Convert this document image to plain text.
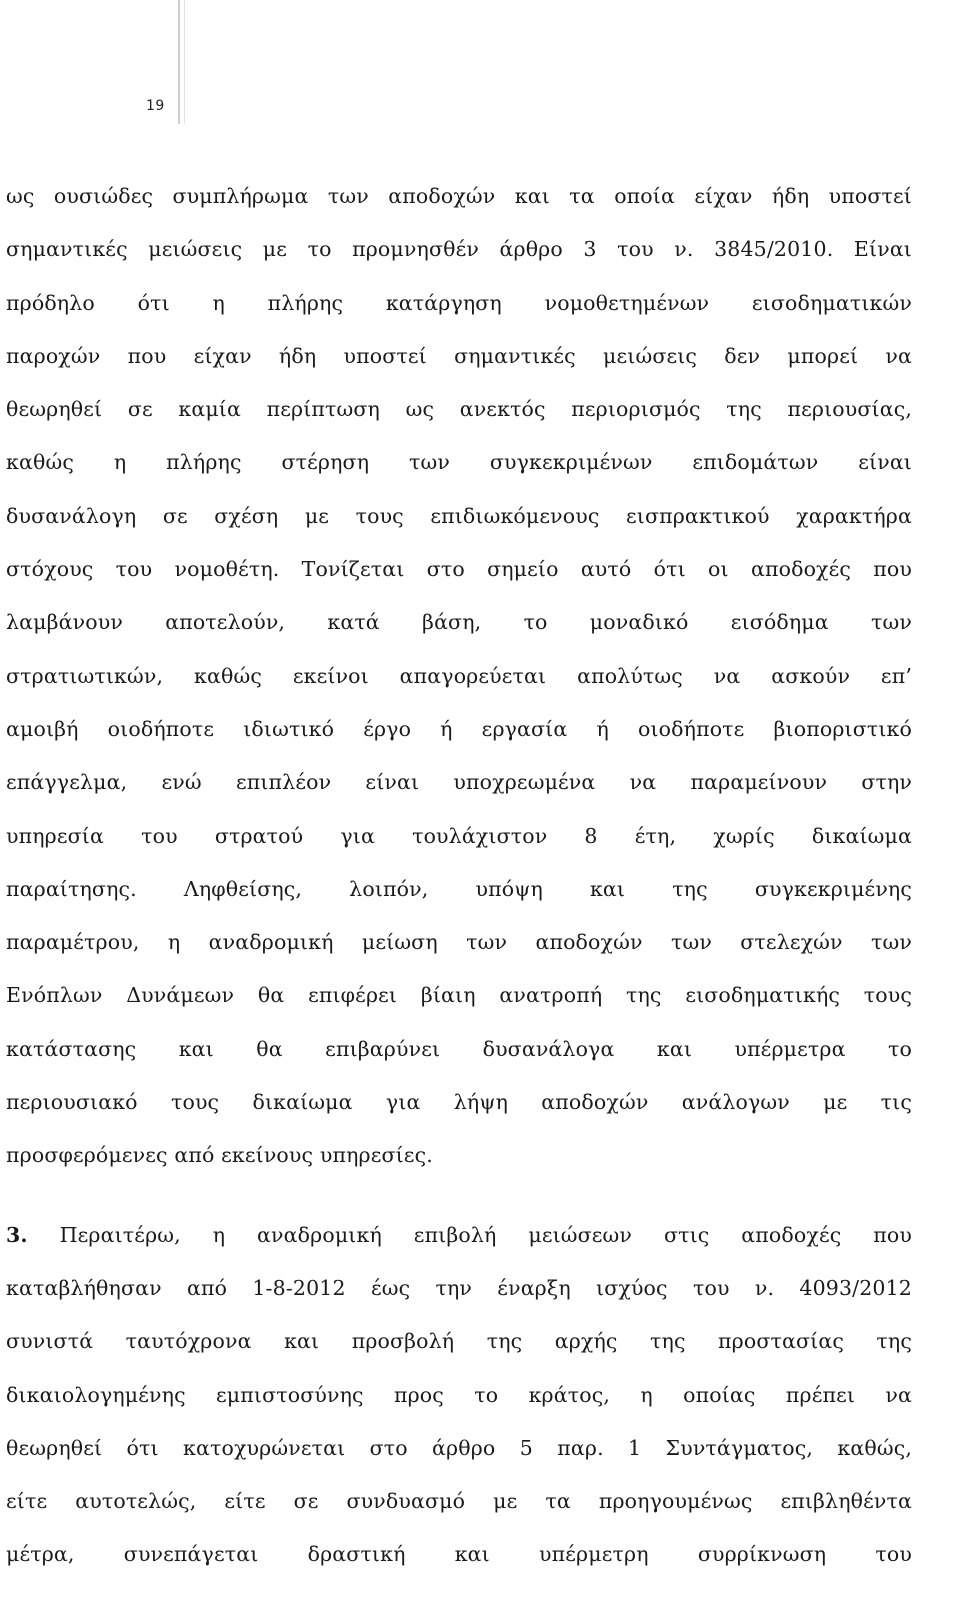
19
ως ουσιώδες συμπλήρωμα των αποδοχών και τα οποία είχαν ήδη υποστεί
σημαντικές μειώσεις με το προμνησθέν άρθρο 3 του ν. 3845/2010. Είναι
πρόδηλο ότι η πλήρης κατάργηση νομοθετημένων εισοδηματικών
παροχών που είχαν ήδη υποστεί σημαντικές μειώσεις δεν μπορεί να
θεωρηθεί σε καμία περίπτωση ως ανεκτός περιορισμός της περιουσίας,
καθώς η πλήρης στέρηση των συγκεκριμένων επιδομάτων είναι
δυσανάλογη σε σχέση με τους επιδιωκόμενους εισπρακτικού χαρακτήρα
στόχους του νομοθέτη. Τονίζεται στο σημείο αυτό ότι οι αποδοχές που
λαμβάνουν αποτελούν, κατά βάση, το μοναδικό εισόδημα των
στρατιωτικών, καθώς εκείνοι απαγορεύεται απολύτως να ασκούν επ’
αμοιβή οιοδήποτε ιδιωτικό έργο ή εργασία ή οιοδήποτε βιοποριστικό
επάγγελμα, ενώ επιπλέον είναι υποχρεωμένα να παραμείνουν στην
υπηρεσία του στρατού για τουλάχιστον 8 έτη, χωρίς δικαίωμα
παραίτησης. Ληφθείσης, λοιπόν, υπόψη και της συγκεκριμένης
παραμέτρου, η αναδρομική μείωση των αποδοχών των στελεχών των
Ενόπλων Δυνάμεων θα επιφέρει βίαιη ανατροπή της εισοδηματικής τους
κατάστασης και θα επιβαρύνει δυσανάλογα και υπέρμετρα το
περιουσιακό τους δικαίωμα για λήψη αποδοχών ανάλογων με τις
προσφερόμενες από εκείνους υπηρεσίες.
3. Περαιτέρω, η αναδρομική επιβολή μειώσεων στις αποδοχές που
καταβλήθησαν από 1-8-2012 έως την έναρξη ισχύος του ν. 4093/2012
συνιστά ταυτόχρονα και προσβολή της αρχής της προστασίας της
δικαιολογημένης εμπιστοσύνης προς το κράτος, η οποίας πρέπει να
θεωρηθεί ότι κατοχυρώνεται στο άρθρο 5 παρ. 1 Συντάγματος, καθώς,
είτε αυτοτελώς, είτε σε συνδυασμό με τα προηγουμένως επιβληθέντα
μέτρα, συνεπάγεται δραστική και υπέρμετρη συρρίκνωση του
